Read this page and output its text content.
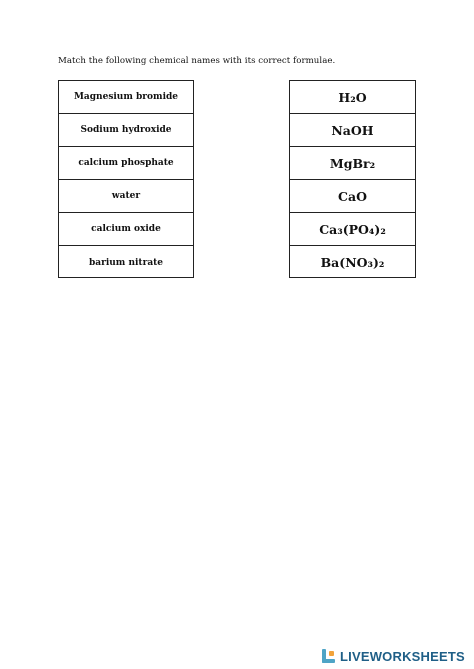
Match the following chemical names with its correct formulae.
Magnesium bromide
Sodium hydroxide
calcium phosphate
water
calcium oxide
barium nitrate
H₂O
NaOH
MgBr₂
CaO
Ca₃(PO₄)₂
Ba(NO₃)₂
LIVEWORKSHEETS
